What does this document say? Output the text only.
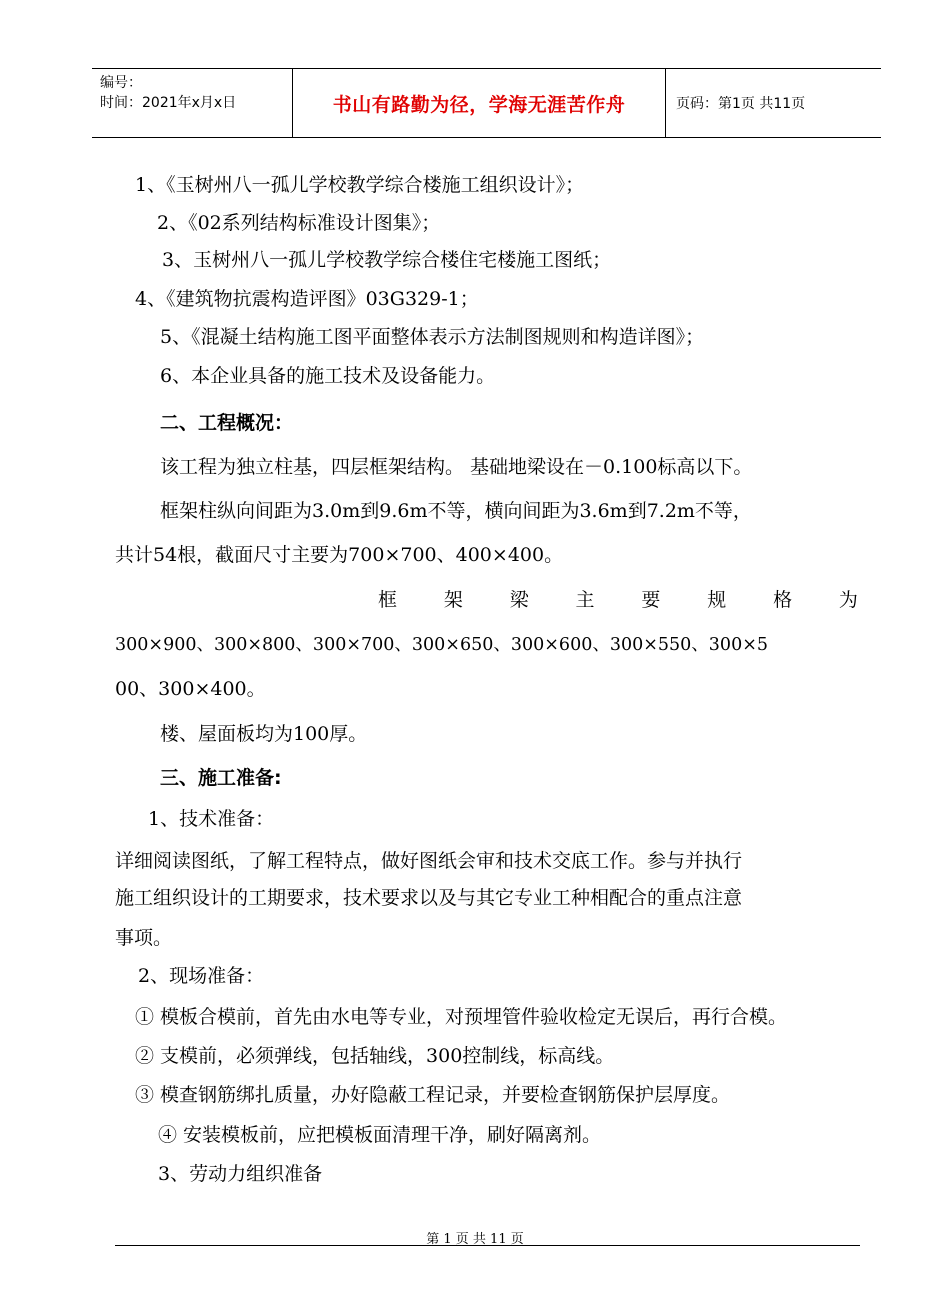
编号：
时间：2021年x月x日	书山有路勤为径，学海无涯苦作舟	页码：第1页 共11页
1、《玉树州八一孤儿学校教学综合楼施工组织设计》；
2、《02系列结构标准设计图集》；
3、玉树州八一孤儿学校教学综合楼住宅楼施工图纸；
4、《建筑物抗震构造评图》03G329-1；
5、《混凝土结构施工图平面整体表示方法制图规则和构造详图》；
6、本企业具备的施工技术及设备能力。
二、工程概况：
该工程为独立柱基，四层框架结构。 基础地梁设在－0.100标高以下。
框架柱纵向间距为3.0m到9.6m不等，横向间距为3.6m到7.2m不等，
共计54根，截面尺寸主要为700×700、400×400。
框 架 梁 主 要 规 格 为
300×900、300×800、300×700、300×650、300×600、300×550、300×5
00、300×400。
楼、屋面板均为100厚。
三、施工准备:
1、技术准备：
详细阅读图纸，了解工程特点，做好图纸会审和技术交底工作。参与并执行
施工组织设计的工期要求，技术要求以及与其它专业工种相配合的重点注意
事项。
2、现场准备：
① 模板合模前，首先由水电等专业，对预埋管件验收检定无误后，再行合模。
② 支模前，必须弹线，包括轴线，300控制线，标高线。
③ 模查钢筋绑扎质量，办好隐蔽工程记录，并要检查钢筋保护层厚度。
④ 安装模板前，应把模板面清理干净，刷好隔离剂。
3、劳动力组织准备
第 1 页 共 11 页
